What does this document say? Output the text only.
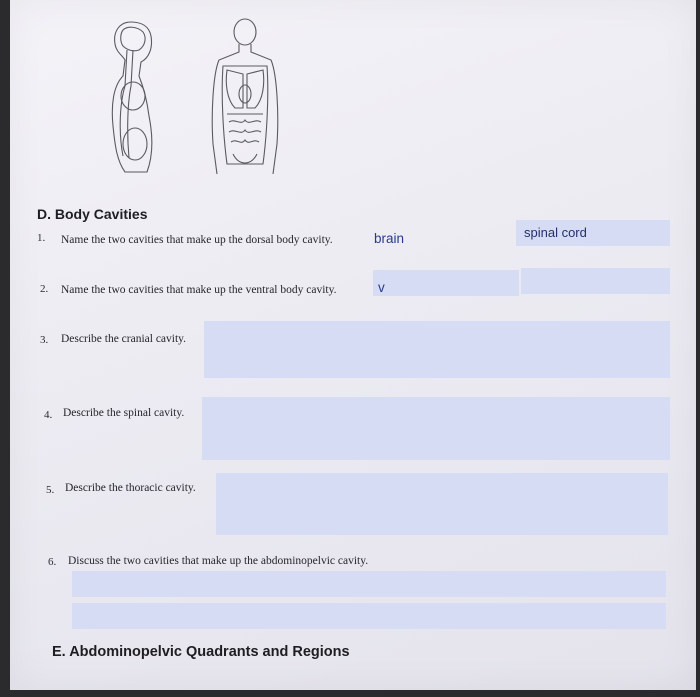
D. Body Cavities
1. Name the two cavities that make up the dorsal body cavity.	brain	spinal cord
2. Name the two cavities that make up the ventral body cavity.	v
3. Describe the cranial cavity.
4. Describe the spinal cavity.
5. Describe the thoracic cavity.
6. Discuss the two cavities that make up the abdominopelvic cavity.
E. Abdominopelvic Quadrants and Regions
